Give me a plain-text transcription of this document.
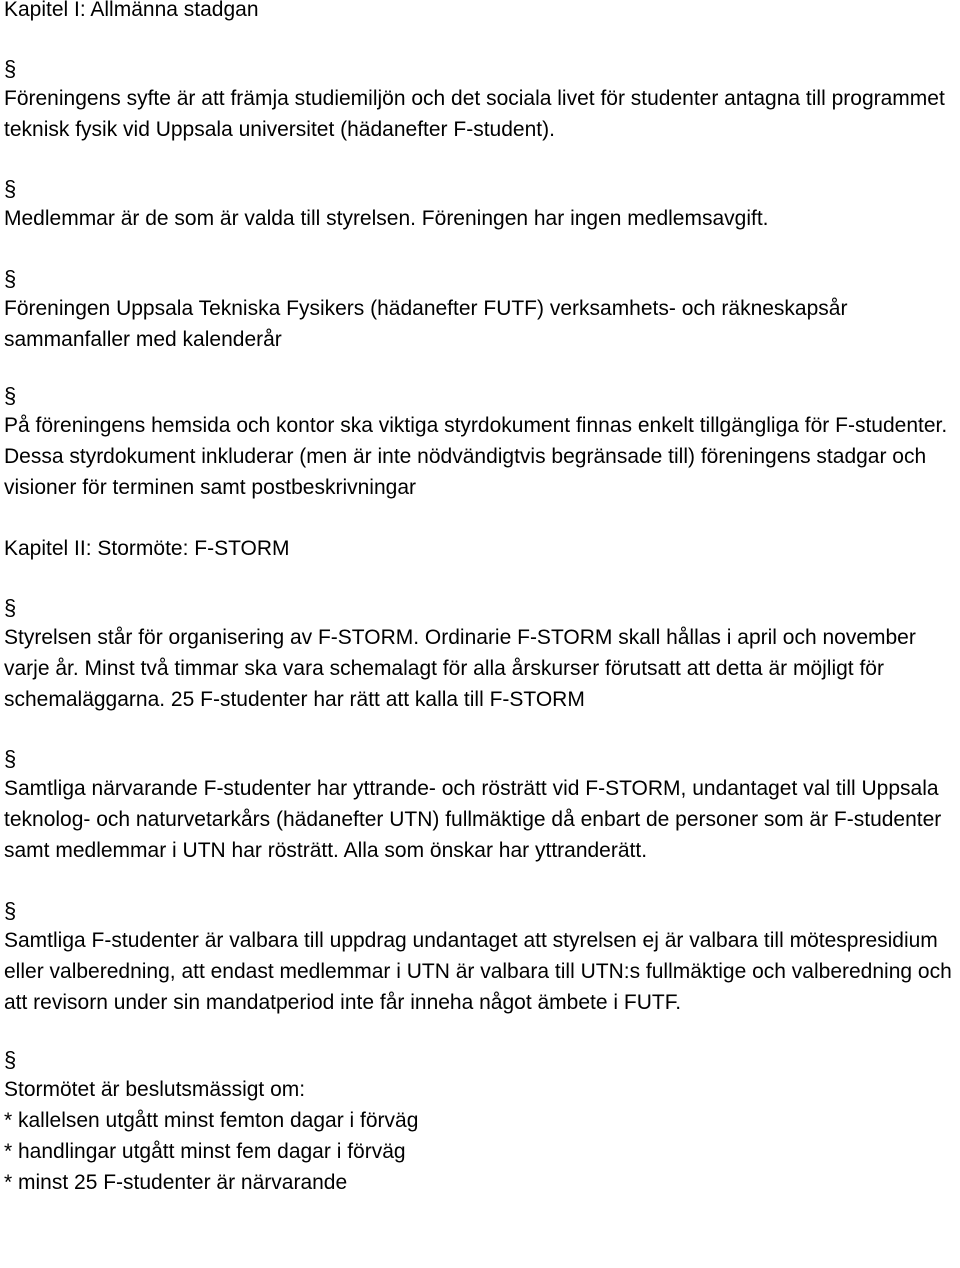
Kapitel I: Allmänna stadgan

§

Föreningens syfte är att främja studiemiljön och det sociala livet för studenter antagna till programmet teknisk fysik vid Uppsala universitet (hädanefter F-student).

§

Medlemmar är de som är valda till styrelsen. Föreningen har ingen medlemsavgift.

§

Föreningen Uppsala Tekniska Fysikers (hädanefter FUTF) verksamhets- och räkneskapsår sammanfaller med kalenderår

§

På föreningens hemsida och kontor ska viktiga styrdokument finnas enkelt tillgängliga för F-studenter. Dessa styrdokument inkluderar (men är inte nödvändigtvis begränsade till) föreningens stadgar och visioner för terminen samt postbeskrivningar

Kapitel II: Stormöte: F-STORM

§

Styrelsen står för organisering av F-STORM. Ordinarie F-STORM skall hållas i april och november varje år. Minst två timmar ska vara schemalagt för alla årskurser förutsatt att detta är möjligt för schemaläggarna. 25 F-studenter har rätt att kalla till F-STORM

§

Samtliga närvarande F-studenter har yttrande- och rösträtt vid F-STORM, undantaget val till Uppsala teknolog- och naturvetarkårs (hädanefter UTN) fullmäktige då enbart de personer som är F-studenter samt medlemmar i UTN har rösträtt. Alla som önskar har yttranderätt.

§

Samtliga F-studenter är valbara till uppdrag undantaget att styrelsen ej är valbara till mötespresidium eller valberedning, att endast medlemmar i UTN är valbara till UTN:s fullmäktige och valberedning och att revisorn under sin mandatperiod inte får inneha något ämbete i FUTF.

§

Stormötet är beslutsmässigt om:

* kallelsen utgått minst femton dagar i förväg

* handlingar utgått minst fem dagar i förväg

* minst 25 F-studenter är närvarande
